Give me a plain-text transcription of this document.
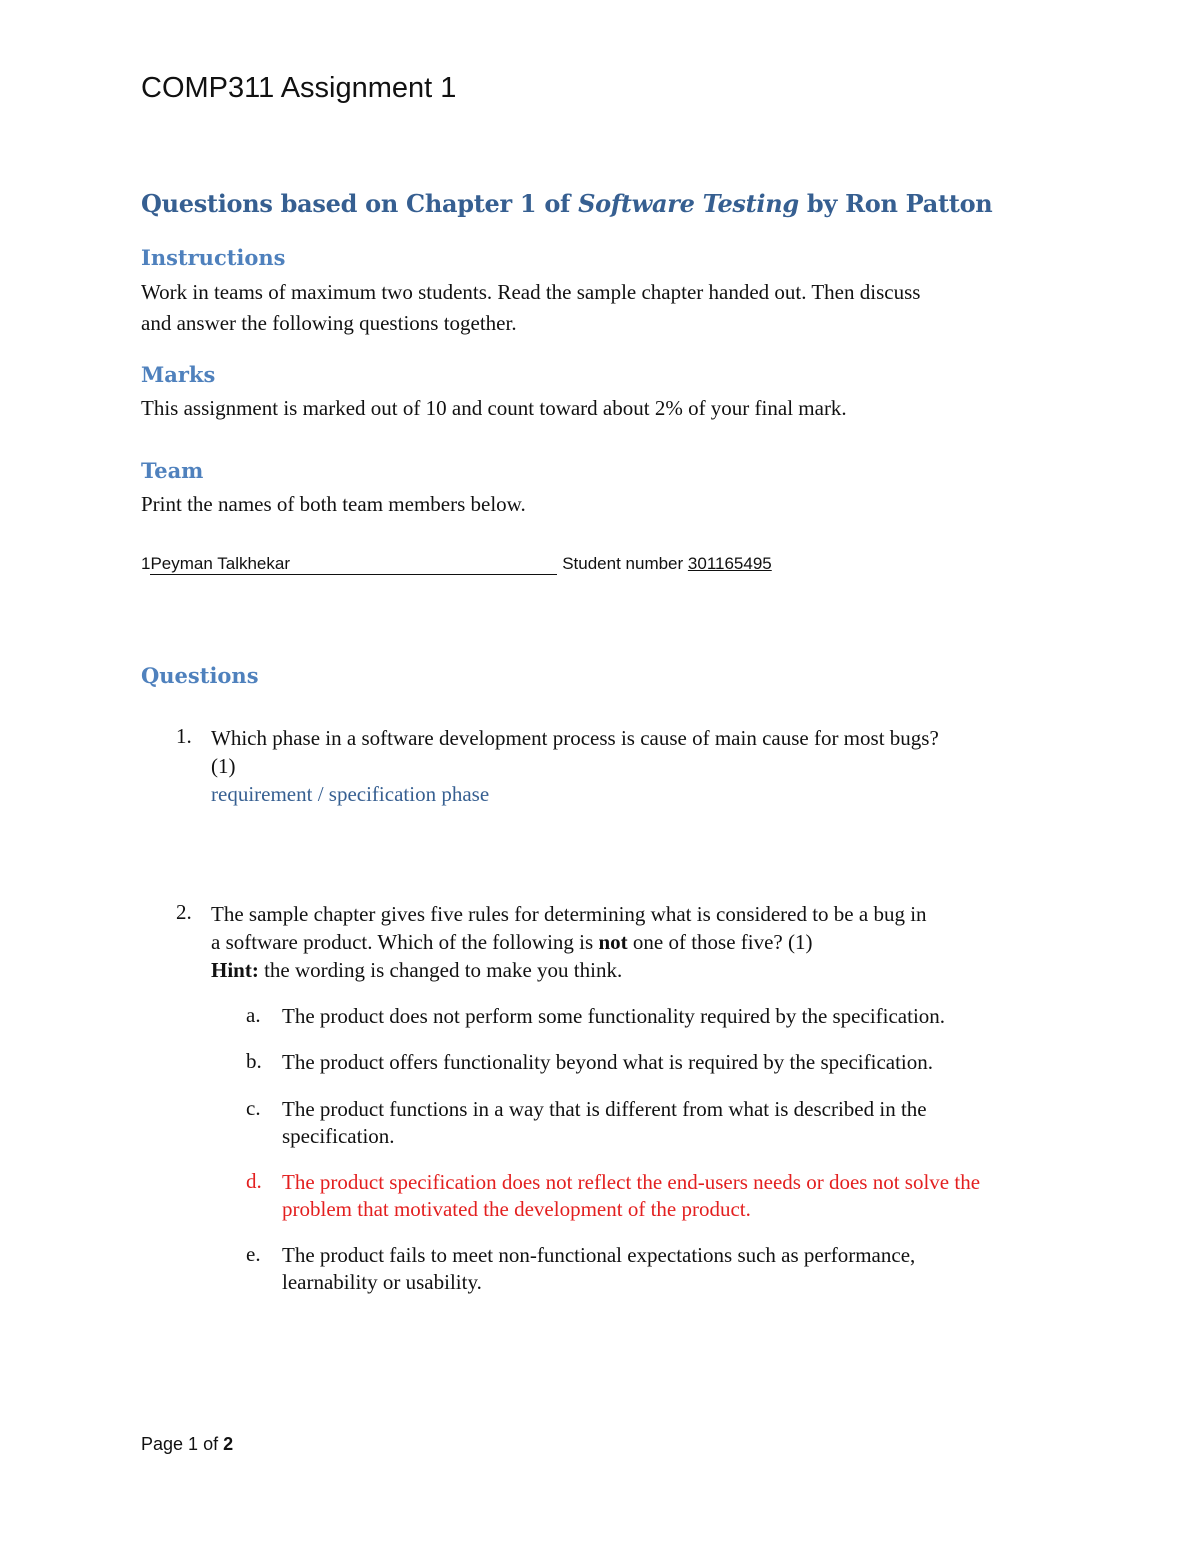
COMP311 Assignment 1
Questions based on Chapter 1 of Software Testing by Ron Patton
Instructions
Work in teams of maximum two students. Read the sample chapter handed out. Then discuss
and answer the following questions together.
Marks
This assignment is marked out of 10 and count toward about 2% of your final mark.
Team
Print the names of both team members below.
1Peyman Talkhekar	Student number 301165495
Questions
1. Which phase in a software development process is cause of main cause for most bugs?
(1)
requirement / specification phase
2. The sample chapter gives five rules for determining what is considered to be a bug in
a software product. Which of the following is not one of those five? (1)
Hint: the wording is changed to make you think.
a. The product does not perform some functionality required by the specification.
b. The product offers functionality beyond what is required by the specification.
c. The product functions in a way that is different from what is described in the specification.
d. The product specification does not reflect the end-users needs or does not solve the problem that motivated the development of the product.
e. The product fails to meet non-functional expectations such as performance, learnability or usability.
Page 1 of 2
